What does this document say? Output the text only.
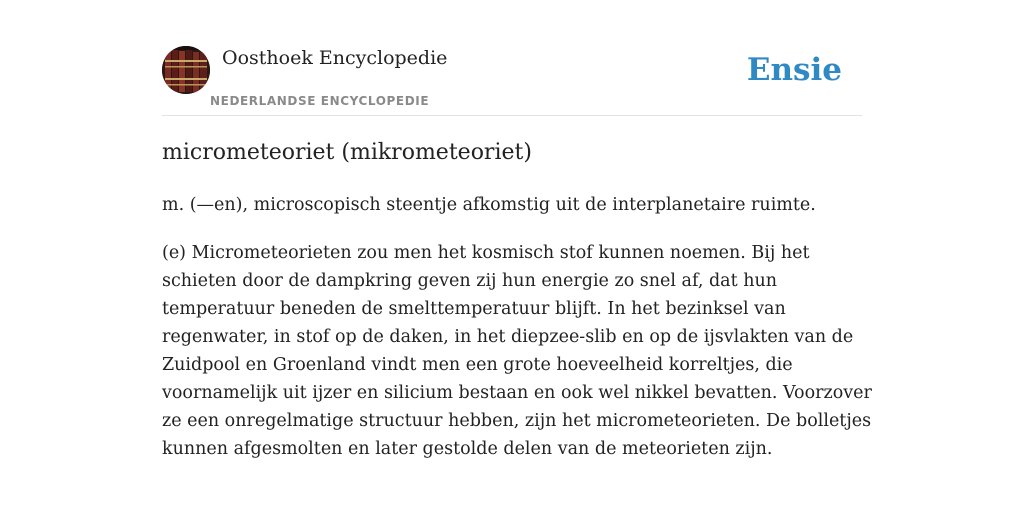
Oosthoek Encyclopedie
NEDERLANDSE ENCYCLOPEDIE
Ensie
micrometeoriet (mikrometeoriet)
m. (—en), microscopisch steentje afkomstig uit de interplanetaire ruimte.
(e) Micrometeorieten zou men het kosmisch stof kunnen noemen. Bij het
schieten door de dampkring geven zij hun energie zo snel af, dat hun
temperatuur beneden de smelttemperatuur blijft. In het bezinksel van
regenwater, in stof op de daken, in het diepzee-slib en op de ijsvlakten van de
Zuidpool en Groenland vindt men een grote hoeveelheid korreltjes, die
voornamelijk uit ijzer en silicium bestaan en ook wel nikkel bevatten. Voorzover
ze een onregelmatige structuur hebben, zijn het micrometeorieten. De bolletjes
kunnen afgesmolten en later gestolde delen van de meteorieten zijn.
